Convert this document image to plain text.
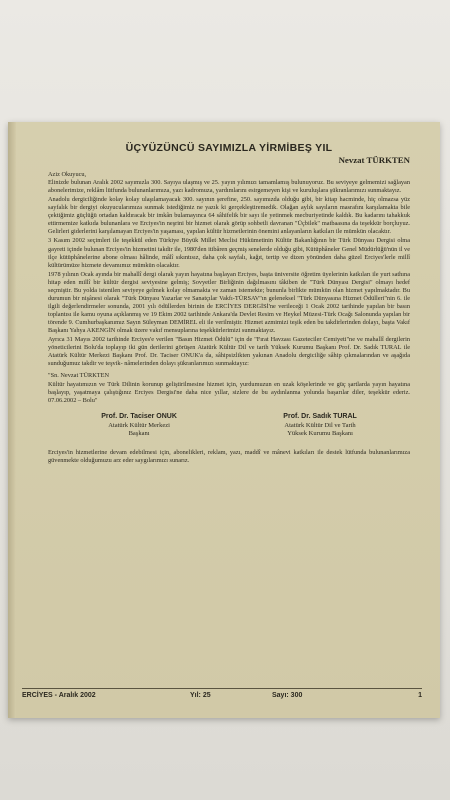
ÜÇYÜZÜNCÜ SAYIMIZLA YİRMİBEŞ YIL
Nevzat TÜRKTEN

Aziz Okuyucu,

Elinizde bulunan Aralık 2002 sayımızla 300. Sayıya ulaşmış ve 25. yayın yılımızı tamamlamış bulunuyoruz. Bu seviyeye gelmemizi sağlayan abonelerimize, reklâm lütfunda bulunanlarımıza, yazı kadromuza, yardımlarını esirgemeyen kişi ve kuruluşlara şükranlarımızı sunmaktayız.

Anadolu dergiciliğinde kolay kolay ulaşılamayacak 300. sayının şerefine, 250. sayımızda olduğu gibi, bir kitap hacminde, hiç olmazsa yüz sayfalık bir dergiyi okuyucularımıza sunmak istediğimiz ne yazık ki gerçekleştiremedik. Olağan aylık sayıların masrafını karşılamakta bile çektiğimiz güçlüğü ortadan kaldıracak bir imkân bulamayınca 64 sâhifelik bir sayı ile yetinmek mecburiyetinde kaldık. Bu kadarını tahakkuk ettirmemize katkıda bulunanlara ve Erciyes'in neşrini bir hizmet olarak görüp sohbetli davranan "Üçbilek" matbaasına da teşekkür borçluyuz. Gelirleri giderlerini karşılamayan Erciyes'in yaşaması, yapılan kültür hizmetlerinin önemini anlayanların katkıları ile mümkün olacaktır.

3 Kasım 2002 seçimleri ile teşekkül eden Türkiye Büyük Millet Meclisi Hükümetinin Kültür Bakanlığının bir Türk Dünyası Dergisi olma gayreti içinde bulunan Erciyes'in hizmetini takdir ile, 1980'den itibâren geçmiş senelerde olduğu gibi, Kütüphâneler Genel Müdürlüğü'nün il ve ilçe kütüphânelerine abone olması hâlinde, mâlî sıkıntısız, daha çok sayfalı, kağıt, tertip ve dizen yönünden daha güzel Erciyes'lerle millî kültürümüze hizmete devamımız mümkün olacaktır.

1978 yılının Ocak ayında bir mahallî dergi olarak yayın hayatına başlayan Erciyes, başta üniversite öğretim üyelerinin katkıları ile yurt sathına hitap eden millî bir kültür dergisi seviyesine gelmiş; Sovyetler Birliğinin dağılmasını tâkiben de "Türk Dünyası Dergisi" olmayı hedef seçmiştir. Bu yolda istenilen seviyeye gelmek kolay olmamakta ve zaman istemekte; bununla birlikte mümkün olan hizmet yapılmaktadır. Bu durumun bir nişânesi olarak "Türk Dünyası Yazarlar ve Sanatçılar Vakfı-TÜRSAV"ın geleneksel "Türk Dünyasına Hizmet Ödülleri"nin 6. ile ilgili değerlendirmeler sonunda, 2001 yılı ödüllerden birinin de ERCİYES DERGİSİ'ne verileceği 1 Ocak 2002 tarihinde yapılan bir basın toplantısı ile kamu oyuna açıklanmış ve 19 Ekim 2002 tarihinde Ankara'da Devlet Resim ve Heykel Müzesi-Türk Ocağı Salonunda yapılan bir törende 9. Cumhurbaşkanımız Sayın Süleyman DEMİREL eli ile verilmiştir. Hizmet azmimizi teşik eden bu takdirlerinden dolayı, başta Vakıf Başkanı Yahya AKENGİN olmak üzere vakıf mensuplarına teşekkürlerimizi sunmaktayız.

Ayrıca 31 Mayıs 2002 tarihinde Erciyes'e verilen "Basın Hizmet Ödülü" için de "Fırat Havzası Gazeteciler Cemiyeti"ne ve mahallî dergilerin yöneticilerini Bolu'da toplayıp iki gün derilerini görüşen Atatürk Kültür Dil ve tarih Yüksek Kurumu Başkanı Prof. Dr. Sadık TURAL ile Atatürk Kültür Merkezi Başkanı Prof. Dr. Taciser ONUK'a da, sâhipsizlikten yakınan Anadolu dergiciliğe sâhip çıkmalarından ve aşağıda sunduğumuz takdir ve teşvik- nâmelerinden dolayı şükranlarımızı sunmaktayız:

"Sn. Nevzat TÜRKTEN

Kültür hayatımızın ve Türk Dilinin korunup geliştirilmesine hizmet için, yurdumuzun en uzak köşelerinde ve güç şartlarda yayın hayatına başlayıp, yaşatmaya çalıştığınız Erciyes Dergisi'ne daha nice yıllar, sizlere de bu aydınlanma yolunda başarılar diler, teşekkür ederiz. 07.06.2002 – Bolu"

Prof. Dr. Taciser ONUK
Atatürk Kültür Merkezi
Başkanı
Prof. Dr. Sadık TURAL
Atatürk Kültür Dil ve Tarih
Yüksek Kurumu Başkanı

Erciyes'in hizmetlerine devam edebilmesi için, abonelikleri, reklam, yazı, maddî ve mânevi katkıları ile destek lütfunda bulunanlarımıza güvenmekte olduğumuzu arz eder saygılarımızı sunarız.

ERCİYES - Aralık 2002	Yıl: 25	Sayı: 300	1
